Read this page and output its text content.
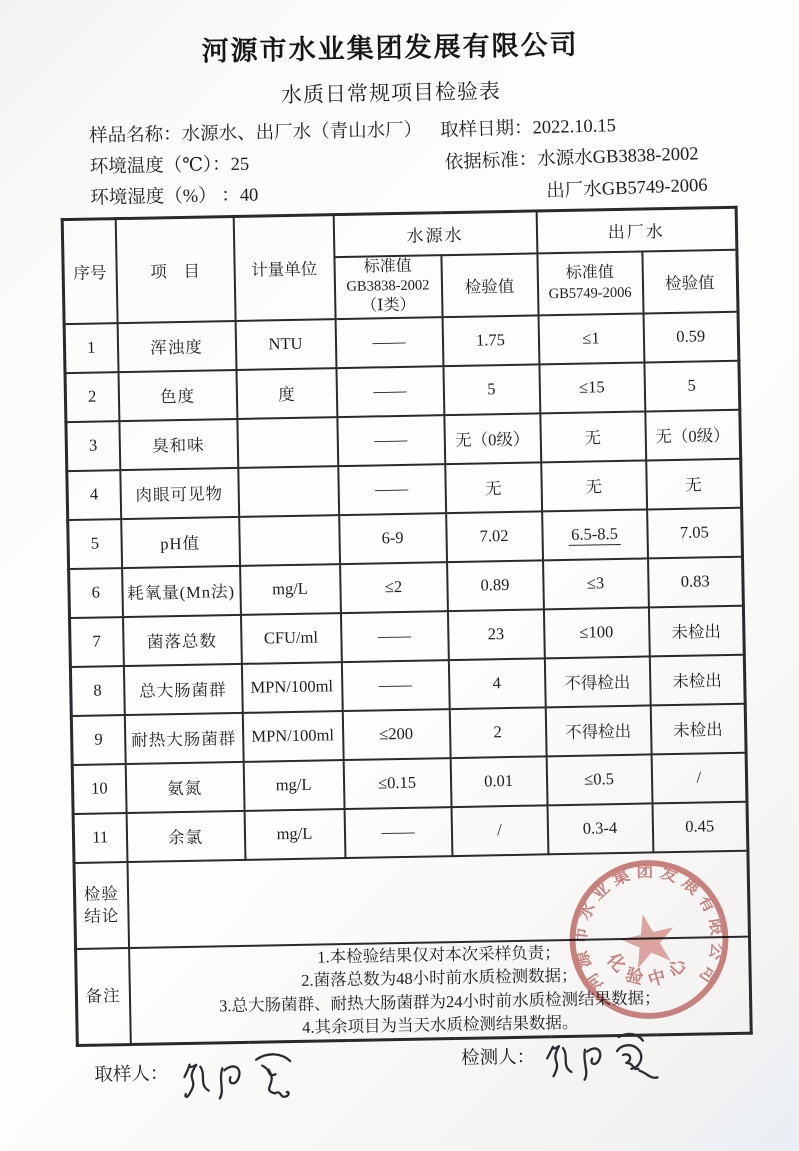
河源市水业集团发展有限公司
水质日常规项目检验表
样品名称：水源水、出厂水（青山水厂） 取样日期：2022.10.15
环境温度（℃）：25	依据标准：水源水GB3838-2002
环境湿度（%） ：40	出厂水GB5749-2006
序号	项　目	计量单位	水源水		出厂水	

			标准值
GB3838-2002
（Ⅰ类）	检验值	标准值
GB5749-2006	检验值
1	浑浊度	NTU	——	1.75	≤1	0.59
2	色度	度	——	5	≤15	5
3	臭和味		——	无（0级）	无	无（0级）
4	肉眼可见物		——	无	无	无
5	pH值		6-9	7.02	6.5-8.5	7.05
6	耗氧量(Mn法)	mg/L	≤2	0.89	≤3	0.83
7	菌落总数	CFU/ml	——	23	≤100	未检出
8	总大肠菌群	MPN/100ml	——	4	不得检出	未检出
9	耐热大肠菌群	MPN/100ml	≤200	2	不得检出	未检出
10	氨氮	mg/L	≤0.15	0.01	≤0.5	/
11	余氯	mg/L	——	/	0.3-4	0.45
检验结论						
备注	1.本检验结果仅对本次采样负责；
2.菌落总数为48小时前水质检测数据；
3.总大肠菌群、耐热大肠菌群为24小时前水质检测结果数据；
4.其余项目为当天水质检测结果数据。					
取样人：
检测人：
河源市水业集团发展有限公司
化验中心
